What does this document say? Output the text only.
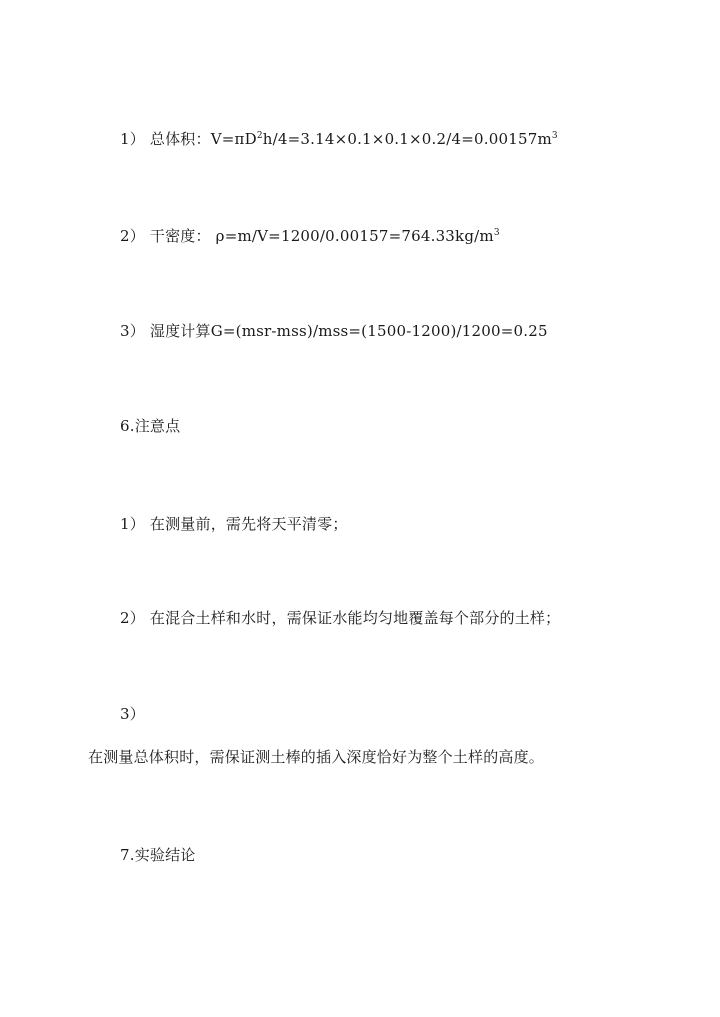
1） 总体积：$V=\pi D^2h/4=3.14\times 0.1\times 0.1\times 0.2/4=0.00157m^3$
2） 干密度： $\rho=m/V=1200/0.00157=764.33kg/m^3$
3） 湿度计算G=(msr-mss)/mss=(1500-1200)/1200=0.25
6.注意点
1） 在测量前，需先将天平清零；
2） 在混合土样和水时，需保证水能均匀地覆盖每个部分的土样；
3）
在测量总体积时，需保证测土棒的插入深度恰好为整个土样的高度。
7.实验结论
